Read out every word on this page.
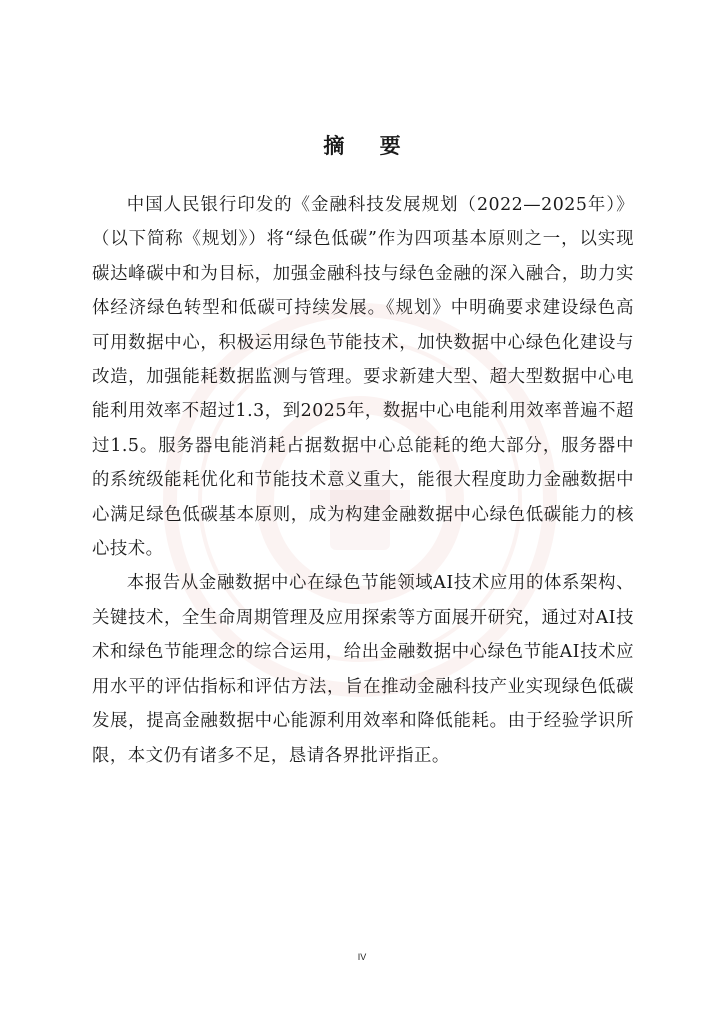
摘 要

中国人民银行印发的《金融科技发展规划（2022—2025年）》（以下简称《规划》）将“绿色低碳”作为四项基本原则之一，以实现碳达峰碳中和为目标，加强金融科技与绿色金融的深入融合，助力实体经济绿色转型和低碳可持续发展。《规划》中明确要求建设绿色高可用数据中心，积极运用绿色节能技术，加快数据中心绿色化建设与改造，加强能耗数据监测与管理。要求新建大型、超大型数据中心电能利用效率不超过1.3，到2025年，数据中心电能利用效率普遍不超过1.5。服务器电能消耗占据数据中心总能耗的绝大部分，服务器中的系统级能耗优化和节能技术意义重大，能很大程度助力金融数据中心满足绿色低碳基本原则，成为构建金融数据中心绿色低碳能力的核心技术。

本报告从金融数据中心在绿色节能领域AI技术应用的体系架构、关键技术，全生命周期管理及应用探索等方面展开研究，通过对AI技术和绿色节能理念的综合运用，给出金融数据中心绿色节能AI技术应用水平的评估指标和评估方法，旨在推动金融科技产业实现绿色低碳发展，提高金融数据中心能源利用效率和降低能耗。由于经验学识所限，本文仍有诸多不足，恳请各界批评指正。

IV
